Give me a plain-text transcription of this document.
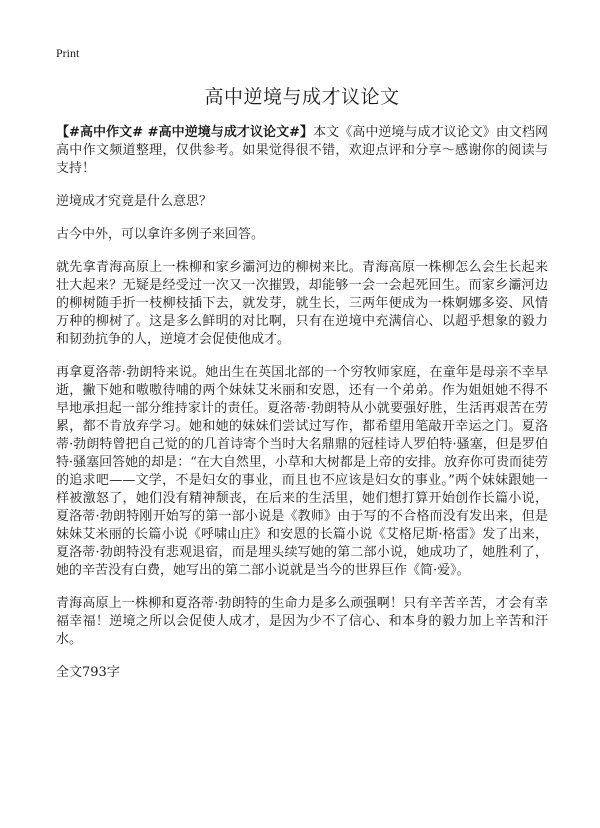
Print
高中逆境与成才议论文

【#高中作文# #高中逆境与成才议论文#】本文《高中逆境与成才议论文》由文档网高中作文频道整理，仅供参考。如果觉得很不错，欢迎点评和分享～感谢你的阅读与支持！

逆境成才究竟是什么意思？

古今中外，可以拿许多例子来回答。

就先拿青海高原上一株柳和家乡灞河边的柳树来比。青海高原一株柳怎么会生长起来壮大起来？无疑是经受过一次又一次摧毁，却能够一会一会起死回生。而家乡灞河边的柳树随手折一枝柳枝插下去，就发芽，就生长，三两年便成为一株婀娜多姿、风情万种的柳树了。这是多么鲜明的对比啊，只有在逆境中充满信心、以超乎想象的毅力和韧劲抗争的人，逆境才会促使他成才。

再拿夏洛蒂·勃朗特来说。她出生在英国北部的一个穷牧师家庭，在童年是母亲不幸早逝，撇下她和嗷嗷待哺的两个妹妹艾米丽和安恩，还有一个弟弟。作为姐姐她不得不早地承担起一部分维持家计的责任。夏洛蒂·勃朗特从小就要强好胜，生活再艰苦在劳累，都不肯放弃学习。她和她的妹妹们尝试过写作，都希望用笔敲开幸运之门。夏洛蒂·勃朗特曾把自己觉的的几首诗寄个当时大名鼎鼎的冠桂诗人罗伯特·骚塞，但是罗伯特·骚塞回答她的却是：“在大自然里，小草和大树都是上帝的安排。放弃你可贵而徒劳的追求吧——文学，不是妇女的事业，而且也不应该是妇女的事业。”两个妹妹跟她一样被激怒了，她们没有精神颓丧，在后来的生活里，她们想打算开始创作长篇小说，夏洛蒂·勃朗特刚开始写的第一部小说是《教师》由于写的不合格而没有发出来，但是妹妹艾米丽的长篇小说《呼啸山庄》和安恩的长篇小说《艾格尼斯·格雷》发了出来，夏洛蒂·勃朗特没有悲观退宿，而是埋头续写她的第二部小说，她成功了，她胜利了，她的辛苦没有白费，她写出的第二部小说就是当今的世界巨作《简·爱》。

青海高原上一株柳和夏洛蒂·勃朗特的生命力是多么顽强啊！只有辛苦辛苦，才会有幸福幸福！逆境之所以会促使人成才，是因为少不了信心、和本身的毅力加上辛苦和汗水。

全文793字
